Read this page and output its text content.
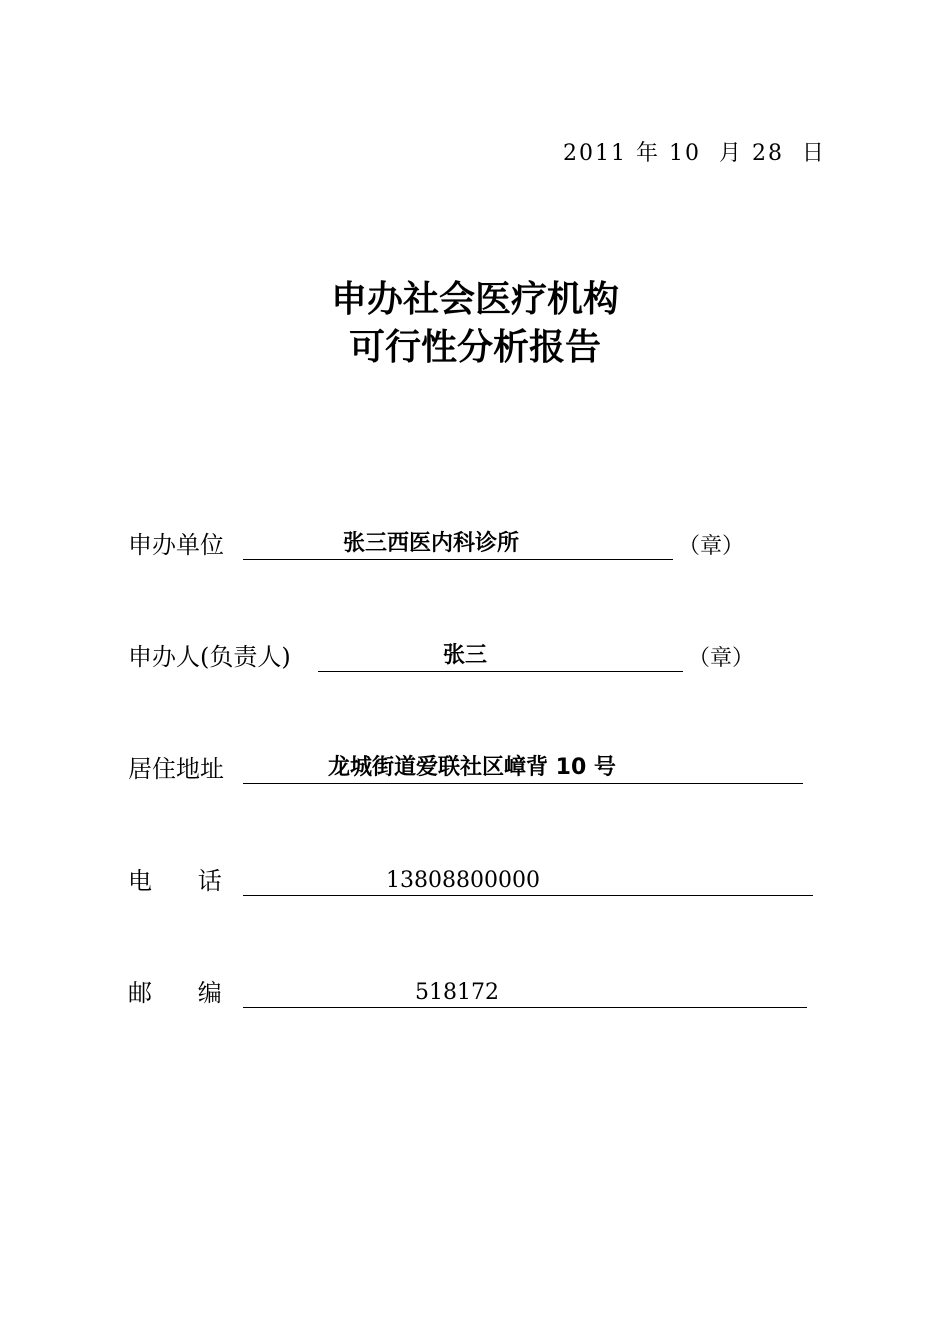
2011 年 10  月 28  日
申办社会医疗机构
可行性分析报告
申办单位	张三西医内科诊所	（章）
申办人(负责人)	张三	（章）
居住地址	龙城街道爱联社区嶂背 10 号
电      话	13808800000
邮      编	518172
